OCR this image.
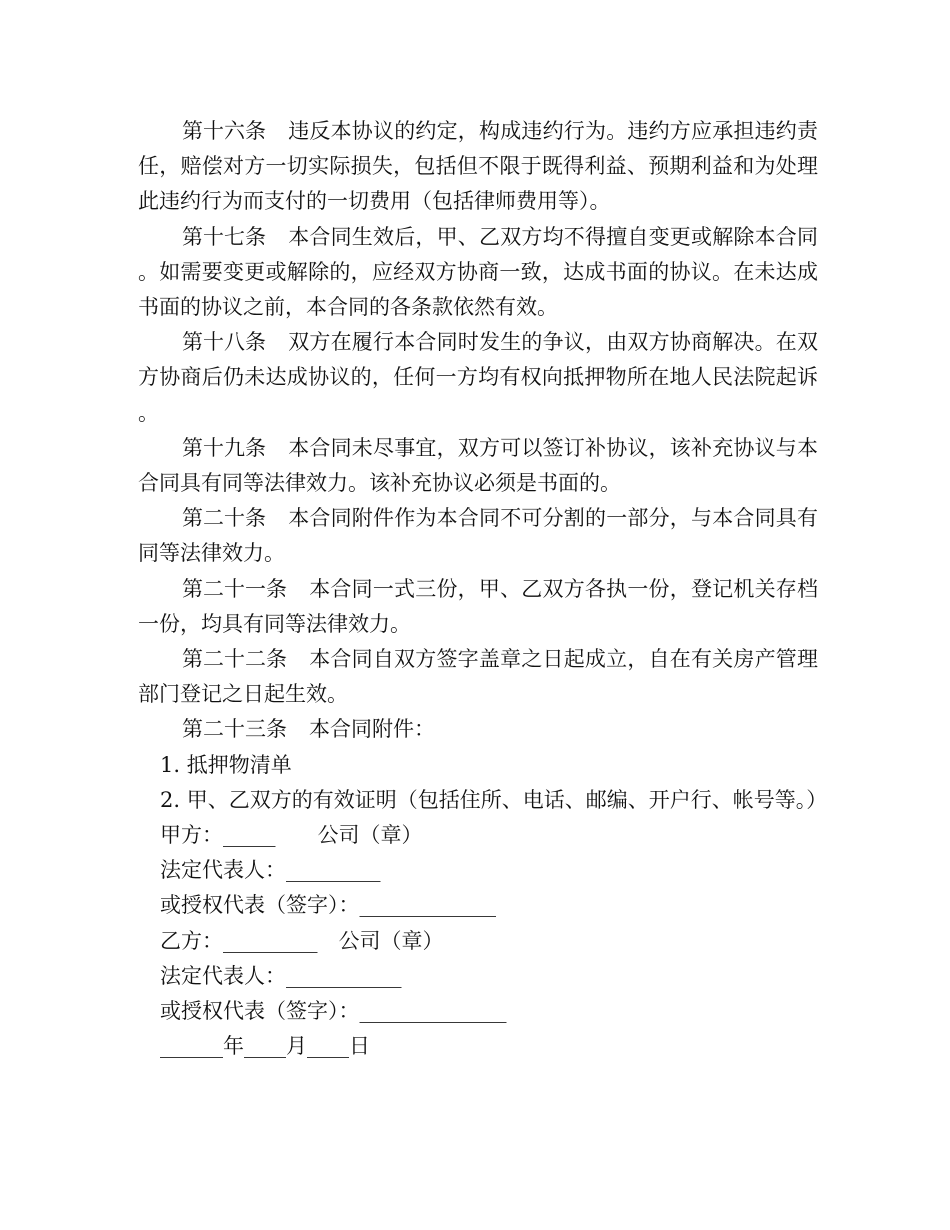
第十六条 违反本协议的约定，构成违约行为。违约方应承担违约责任，赔偿对方一切实际损失，包括但不限于既得利益、预期利益和为处理此违约行为而支付的一切费用（包括律师费用等）。

第十七条 本合同生效后，甲、乙双方均不得擅自变更或解除本合同。如需要变更或解除的，应经双方协商一致，达成书面的协议。在未达成书面的协议之前，本合同的各条款依然有效。

第十八条 双方在履行本合同时发生的争议，由双方协商解决。在双方协商后仍未达成协议的，任何一方均有权向抵押物所在地人民法院起诉。

第十九条 本合同未尽事宜，双方可以签订补协议，该补充协议与本合同具有同等法律效力。该补充协议必须是书面的。

第二十条 本合同附件作为本合同不可分割的一部分，与本合同具有同等法律效力。

第二十一条 本合同一式三份，甲、乙双方各执一份，登记机关存档一份，均具有同等法律效力。

第二十二条 本合同自双方签字盖章之日起成立，自在有关房产管理部门登记之日起生效。

第二十三条 本合同附件：

1. 抵押物清单

2. 甲、乙双方的有效证明（包括住所、电话、邮编、开户行、帐号等。）

甲方：_____　　公司（章）

法定代表人：_________

或授权代表（签字）：_____________

乙方：_________　公司（章）

法定代表人：___________

或授权代表（签字）：______________

______年____月____日
